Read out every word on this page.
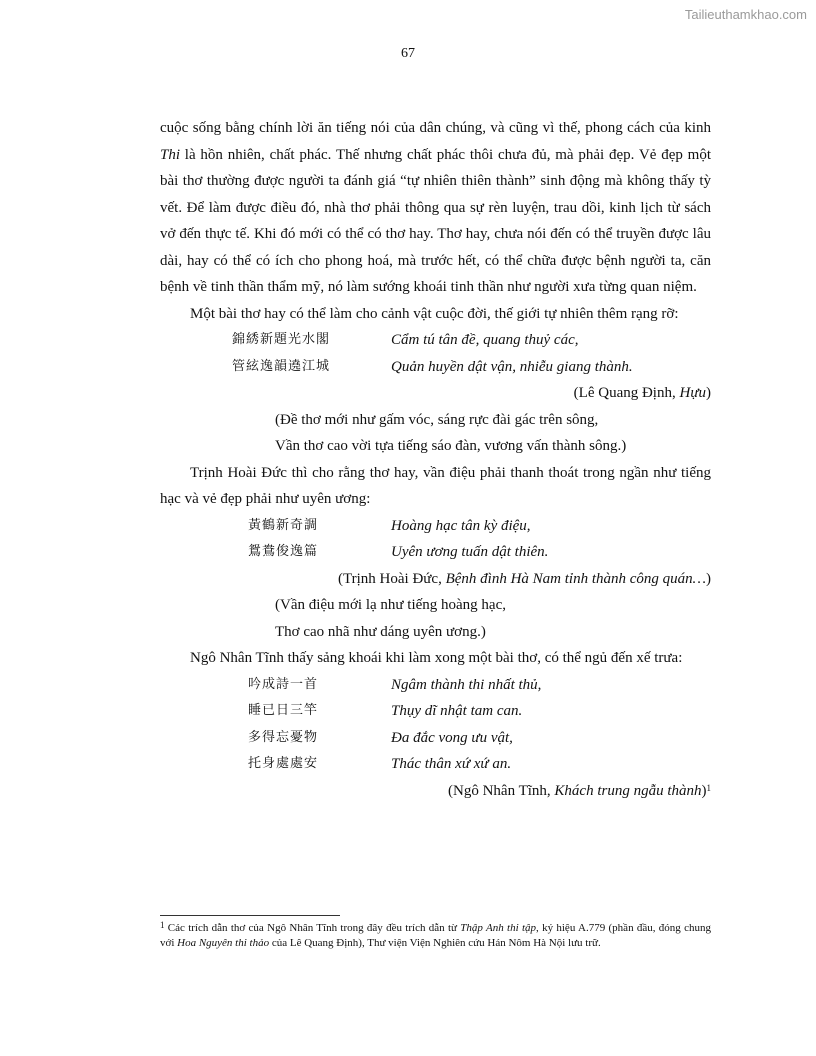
Tailieuthamkhao.com
67

cuộc sống bằng chính lời ăn tiếng nói của dân chúng, và cũng vì thế, phong cách của kinh Thi là hồn nhiên, chất phác. Thế nhưng chất phác thôi chưa đủ, mà phải đẹp. Vẻ đẹp một bài thơ thường được người ta đánh giá “tự nhiên thiên thành” sinh động mà không thấy tỳ vết. Để làm được điều đó, nhà thơ phải thông qua sự rèn luyện, trau dồi, kinh lịch từ sách vở đến thực tế. Khi đó mới có thể có thơ hay. Thơ hay, chưa nói đến có thể truyền được lâu dài, hay có thể có ích cho phong hoá, mà trước hết, có thể chữa được bệnh người ta, căn bệnh về tinh thần thẩm mỹ, nó làm sướng khoái tinh thần như người xưa từng quan niệm.

Một bài thơ hay có thể làm cho cảnh vật cuộc đời, thế giới tự nhiên thêm rạng rỡ:

錦綉新題光水閣	Cẩm tú tân đề, quang thuỷ các,
管絃逸韻遶江城	Quản huyền dật vận, nhiễu giang thành.
(Lê Quang Định, Hựu)
(Đề thơ mới như gấm vóc, sáng rực đài gác trên sông,
Vần thơ cao vời tựa tiếng sáo đàn, vương vấn thành sông.)

Trịnh Hoài Đức thì cho rằng thơ hay, vần điệu phải thanh thoát trong ngần như tiếng hạc và vẻ đẹp phải như uyên ương:

黃鶴新奇調	Hoàng hạc tân kỳ điệu,
鴛鴦俊逸篇	Uyên ương tuấn dật thiên.
(Trịnh Hoài Đức, Bệnh đình Hà Nam tỉnh thành công quán…)
(Vần điệu mới lạ như tiếng hoàng hạc,
Thơ cao nhã như dáng uyên ương.)

Ngô Nhân Tĩnh thấy sảng khoái khi làm xong một bài thơ, có thể ngủ đến xế trưa:

吟成詩一首	Ngâm thành thi nhất thủ,
睡已日三竿	Thụy dĩ nhật tam can.
多得忘憂物	Đa đắc vong ưu vật,
托身處處安	Thác thân xứ xứ an.
(Ngô Nhân Tĩnh, Khách trung ngẫu thành)$^1$
$^1$ Các trích dẫn thơ của Ngô Nhân Tĩnh trong đây đều trích dẫn từ Thập Anh thi tập, ký hiệu A.779 (phần đầu, đóng chung với Hoa Nguyên thi thảo của Lê Quang Định), Thư viện Viện Nghiên cứu Hán Nôm Hà Nội lưu trữ.
